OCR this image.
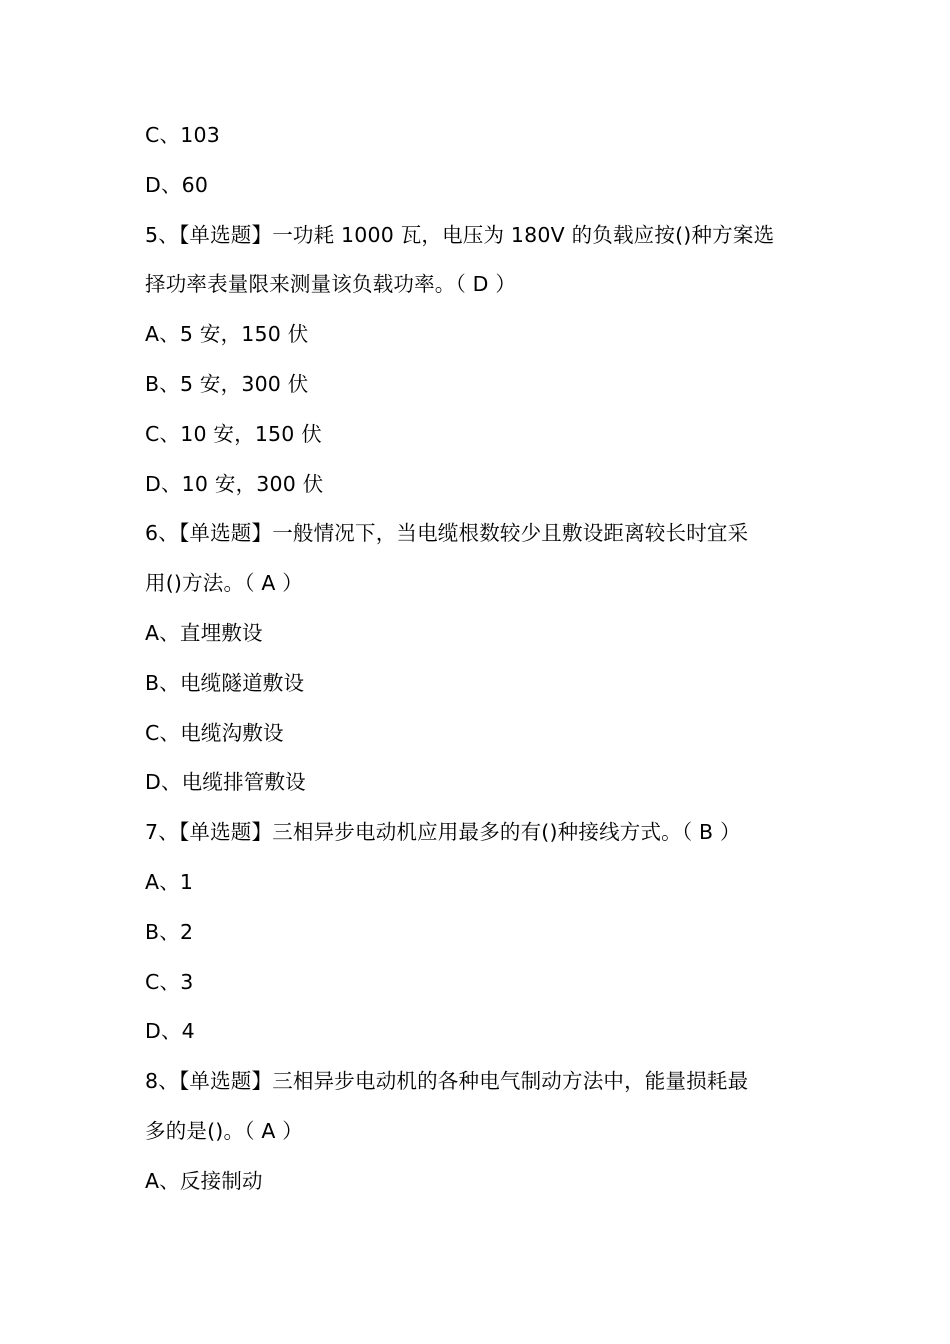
C、103
D、60
5、【单选题】一功耗 1000 瓦，电压为 180V 的负载应按()种方案选
择功率表量限来测量该负载功率。（ D ）
A、5 安，150 伏
B、5 安，300 伏
C、10 安，150 伏
D、10 安，300 伏
6、【单选题】一般情况下，当电缆根数较少且敷设距离较长时宜采
用()方法。（ A ）
A、直埋敷设
B、电缆隧道敷设
C、电缆沟敷设
D、电缆排管敷设
7、【单选题】三相异步电动机应用最多的有()种接线方式。（ B ）
A、1
B、2
C、3
D、4
8、【单选题】三相异步电动机的各种电气制动方法中，能量损耗最
多的是()。（ A ）
A、反接制动
